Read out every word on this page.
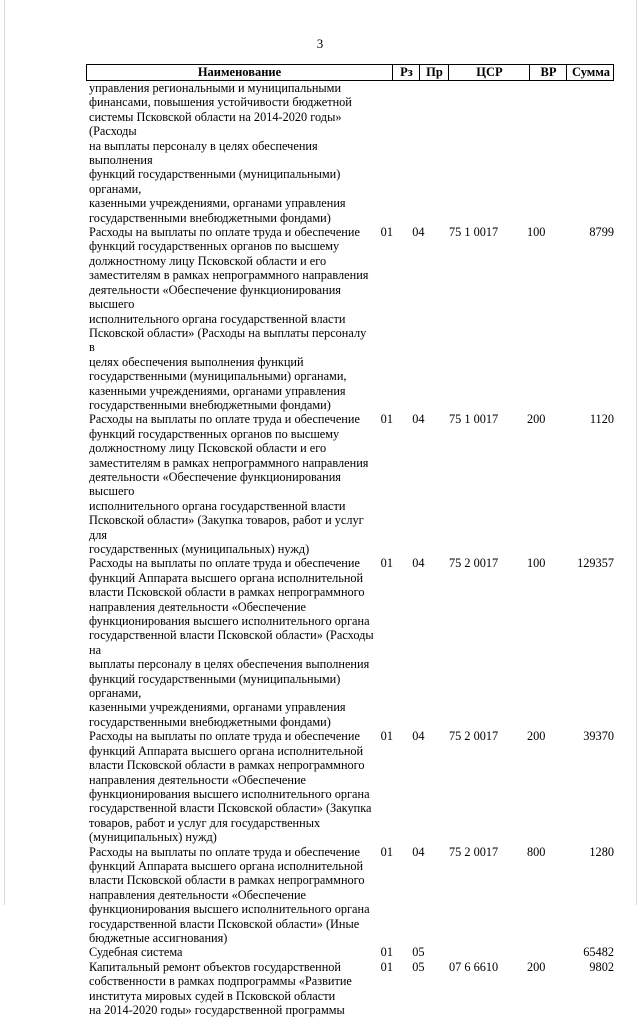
3
Наименование	Рз	Пр	ЦСР	ВР	Сумма
управления региональными и муниципальными
финансами, повышения устойчивости бюджетной
системы Псковской области на 2014-2020 годы» (Расходы
на выплаты персоналу в целях обеспечения выполнения
функций государственными (муниципальными) органами,
казенными учреждениями, органами управления
государственными внебюджетными фондами)
Расходы на выплаты по оплате труда и обеспечение
функций государственных органов по высшему
должностному лицу Псковской области и его
заместителям в рамках непрограммного направления
деятельности «Обеспечение функционирования высшего
исполнительного органа государственной власти
Псковской области» (Расходы на выплаты персоналу в
целях обеспечения выполнения функций
государственными (муниципальными) органами,
казенными учреждениями, органами управления
государственными внебюджетными фондами)
01	04	75 1 0017	100	8799
Расходы на выплаты по оплате труда и обеспечение
функций государственных органов по высшему
должностному лицу Псковской области и его
заместителям в рамках непрограммного направления
деятельности «Обеспечение функционирования высшего
исполнительного органа государственной власти
Псковской области» (Закупка товаров, работ и услуг для
государственных (муниципальных) нужд)
01	04	75 1 0017	200	1120
Расходы на выплаты по оплате труда и обеспечение
функций Аппарата высшего органа исполнительной
власти Псковской области в рамках непрограммного
направления деятельности «Обеспечение
функционирования высшего исполнительного органа
государственной власти Псковской области» (Расходы на
выплаты персоналу в целях обеспечения выполнения
функций государственными (муниципальными) органами,
казенными учреждениями, органами управления
государственными внебюджетными фондами)
01	04	75 2 0017	100	129357
Расходы на выплаты по оплате труда и обеспечение
функций Аппарата высшего органа исполнительной
власти Псковской области в рамках непрограммного
направления деятельности «Обеспечение
функционирования высшего исполнительного органа
государственной власти Псковской области» (Закупка
товаров, работ и услуг для государственных
(муниципальных) нужд)
01	04	75 2 0017	200	39370
Расходы на выплаты по оплате труда и обеспечение
функций Аппарата высшего органа исполнительной
власти Псковской области в рамках непрограммного
направления деятельности «Обеспечение
функционирования высшего исполнительного органа
государственной власти Псковской области» (Иные
бюджетные ассигнования)
01	04	75 2 0017	800	1280
Судебная система	01	05	65482
Капитальный ремонт объектов государственной
собственности в рамках подпрограммы «Развитие
института мировых судей в Псковской области
на 2014-2020 годы» государственной программы
01	05	07 6 6610	200	9802
